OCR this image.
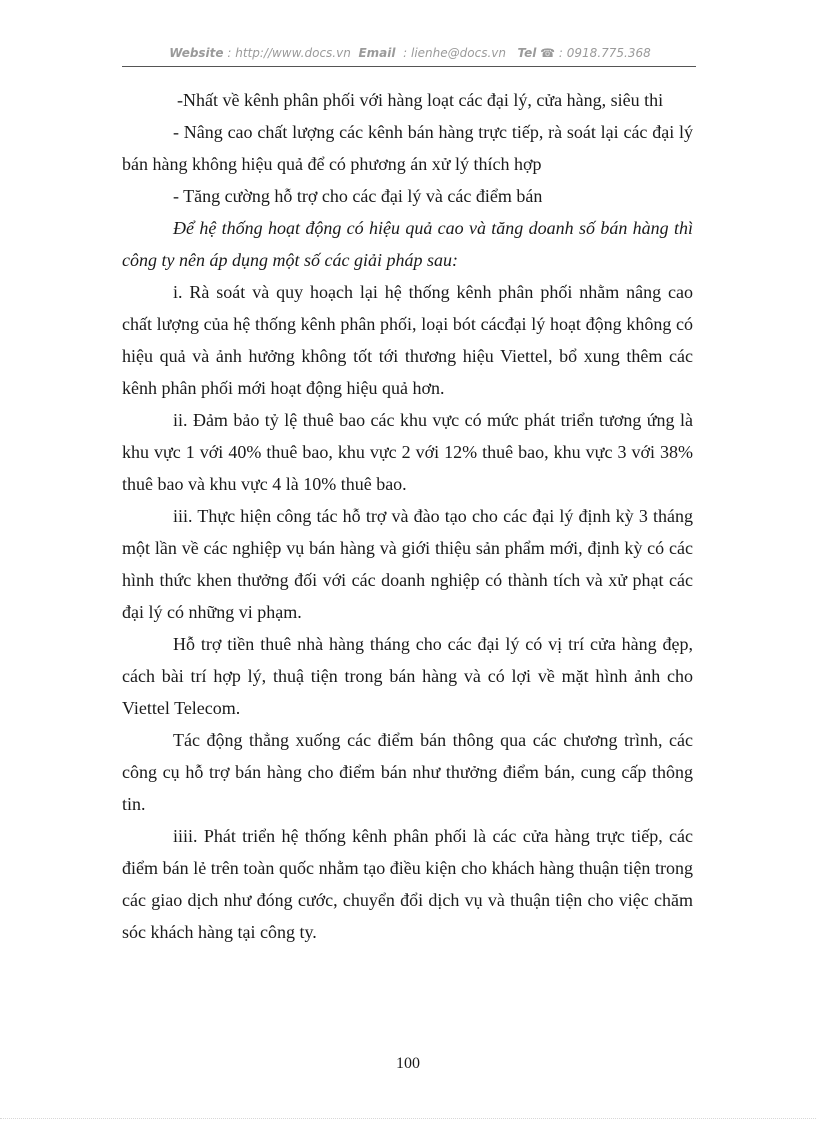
Website : http://www.docs.vn Email : lienhe@docs.vn Tel ☎ : 0918.775.368

-Nhất về kênh phân phối với hàng loạt các đại lý, cửa hàng, siêu thi

- Nâng cao chất lượng các kênh bán hàng trực tiếp, rà soát lại các đại lý bán hàng không hiệu quả để có phương án xử lý thích hợp

- Tăng cường hỗ trợ cho các đại lý và các điểm bán

Để hệ thống hoạt động có hiệu quả cao và tăng doanh số bán hàng thì công ty nên áp dụng một số các giải pháp sau:

i. Rà soát và quy hoạch lại hệ thống kênh phân phối nhằm nâng cao chất lượng của hệ thống kênh phân phối, loại bót cácđại lý hoạt động không có hiệu quả và ảnh hưởng không tốt tới thương hiệu Viettel, bổ xung thêm các kênh phân phối mới hoạt động hiệu quả hơn.

ii. Đảm bảo tỷ lệ thuê bao các khu vực có mức phát triển tương ứng là khu vực 1 với 40% thuê bao, khu vực 2 với 12% thuê bao, khu vực 3 với 38% thuê bao và khu vực 4 là 10% thuê bao.

iii. Thực hiện công tác hỗ trợ và đào tạo cho các đại lý định kỳ 3 tháng một lần về các nghiệp vụ bán hàng và giới thiệu sản phẩm mới, định kỳ có các hình thức khen thưởng đối với các doanh nghiệp có thành tích và xử phạt các đại lý có những vi phạm.

Hỗ trợ tiền thuê nhà hàng tháng cho các đại lý có vị trí cửa hàng đẹp, cách bài trí hợp lý, thuậ tiện trong bán hàng và có lợi về mặt hình ảnh cho Viettel Telecom.

Tác động thẳng xuống các điểm bán thông qua các chương trình, các công cụ hỗ trợ bán hàng cho điểm bán như thưởng điểm bán, cung cấp thông tin.

iiii. Phát triển hệ thống kênh phân phối là các cửa hàng trực tiếp, các điểm bán lẻ trên toàn quốc nhằm tạo điều kiện cho khách hàng thuận tiện trong các giao dịch như đóng cước, chuyển đổi dịch vụ và thuận tiện cho việc chăm sóc khách hàng tại công ty.

100
